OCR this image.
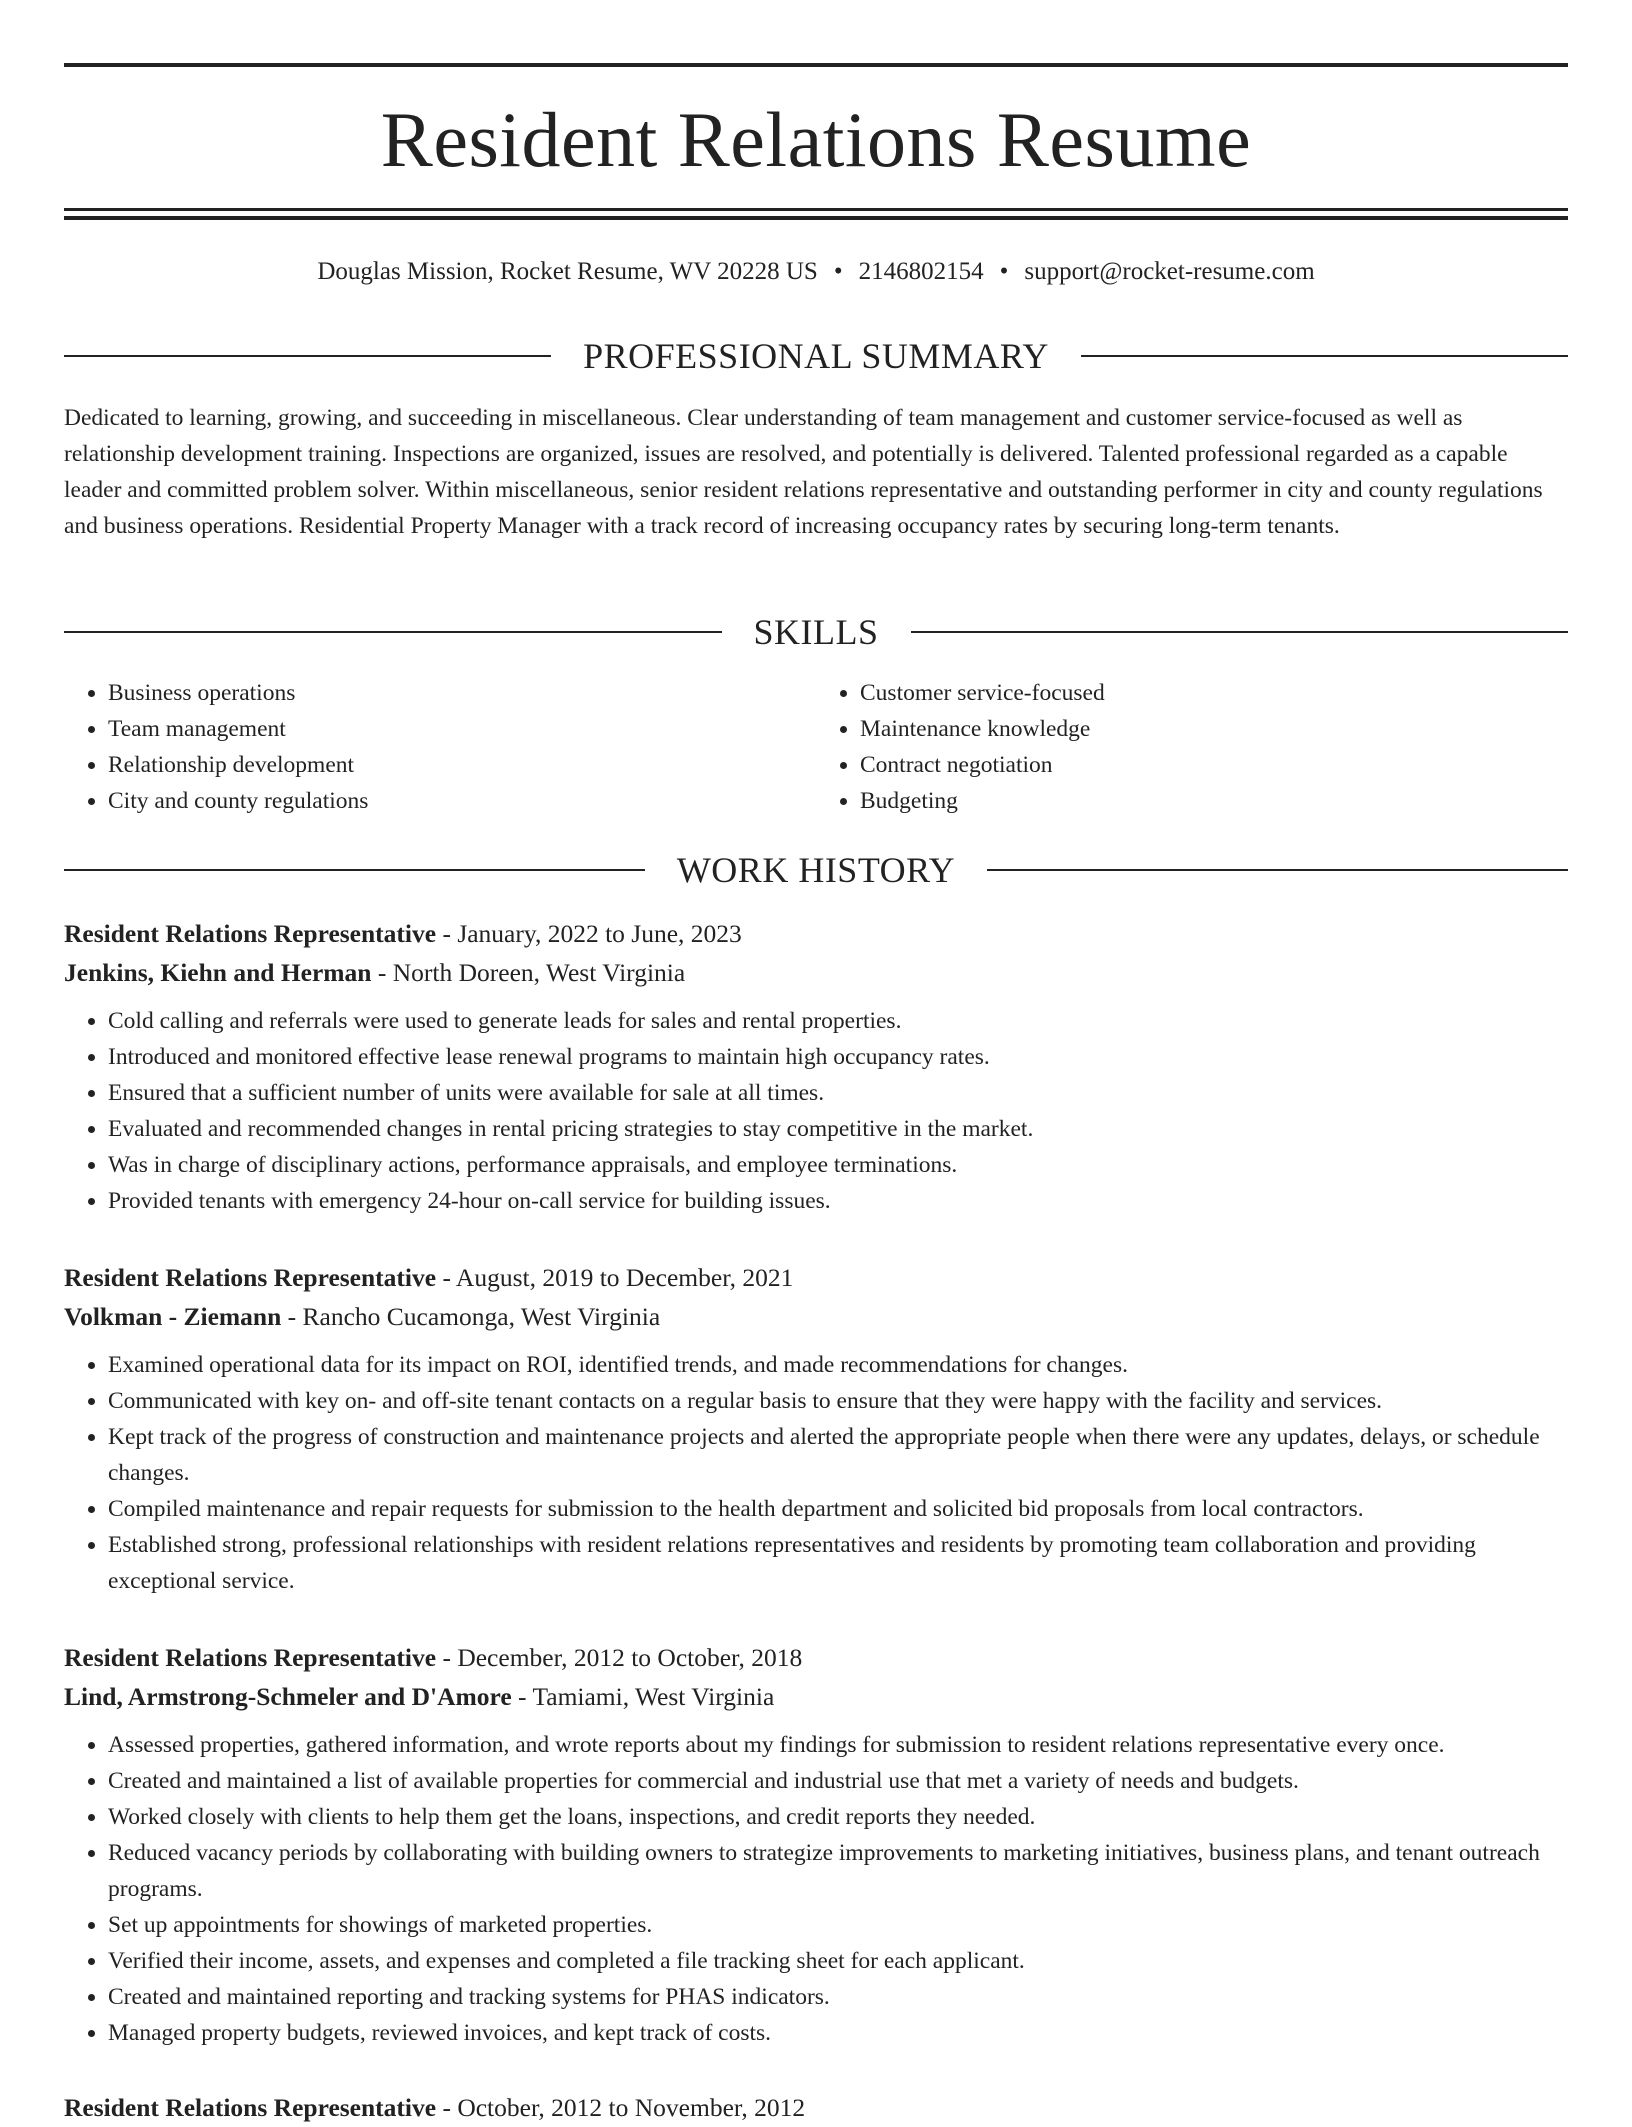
Resident Relations Resume
Douglas Mission, Rocket Resume, WV 20228 US • 2146802154 • support@rocket-resume.com
PROFESSIONAL SUMMARY

Dedicated to learning, growing, and succeeding in miscellaneous. Clear understanding of team management and customer service-focused as well as relationship development training. Inspections are organized, issues are resolved, and potentially is delivered. Talented professional regarded as a capable leader and committed problem solver. Within miscellaneous, senior resident relations representative and outstanding performer in city and county regulations and business operations. Residential Property Manager with a track record of increasing occupancy rates by securing long-term tenants.

SKILLS
• Business operations
• Team management
• Relationship development
• City and county regulations
• Customer service-focused
• Maintenance knowledge
• Contract negotiation
• Budgeting
WORK HISTORY
Resident Relations Representative - January, 2022 to June, 2023
Jenkins, Kiehn and Herman - North Doreen, West Virginia
• Cold calling and referrals were used to generate leads for sales and rental properties.
• Introduced and monitored effective lease renewal programs to maintain high occupancy rates.
• Ensured that a sufficient number of units were available for sale at all times.
• Evaluated and recommended changes in rental pricing strategies to stay competitive in the market.
• Was in charge of disciplinary actions, performance appraisals, and employee terminations.
• Provided tenants with emergency 24-hour on-call service for building issues.
Resident Relations Representative - August, 2019 to December, 2021
Volkman - Ziemann - Rancho Cucamonga, West Virginia
• Examined operational data for its impact on ROI, identified trends, and made recommendations for changes.
• Communicated with key on- and off-site tenant contacts on a regular basis to ensure that they were happy with the facility and services.
• Kept track of the progress of construction and maintenance projects and alerted the appropriate people when there were any updates, delays, or schedule changes.
• Compiled maintenance and repair requests for submission to the health department and solicited bid proposals from local contractors.
• Established strong, professional relationships with resident relations representatives and residents by promoting team collaboration and providing exceptional service.
Resident Relations Representative - December, 2012 to October, 2018
Lind, Armstrong-Schmeler and D'Amore - Tamiami, West Virginia
• Assessed properties, gathered information, and wrote reports about my findings for submission to resident relations representative every once.
• Created and maintained a list of available properties for commercial and industrial use that met a variety of needs and budgets.
• Worked closely with clients to help them get the loans, inspections, and credit reports they needed.
• Reduced vacancy periods by collaborating with building owners to strategize improvements to marketing initiatives, business plans, and tenant outreach programs.
• Set up appointments for showings of marketed properties.
• Verified their income, assets, and expenses and completed a file tracking sheet for each applicant.
• Created and maintained reporting and tracking systems for PHAS indicators.
• Managed property budgets, reviewed invoices, and kept track of costs.
Resident Relations Representative - October, 2012 to November, 2012
